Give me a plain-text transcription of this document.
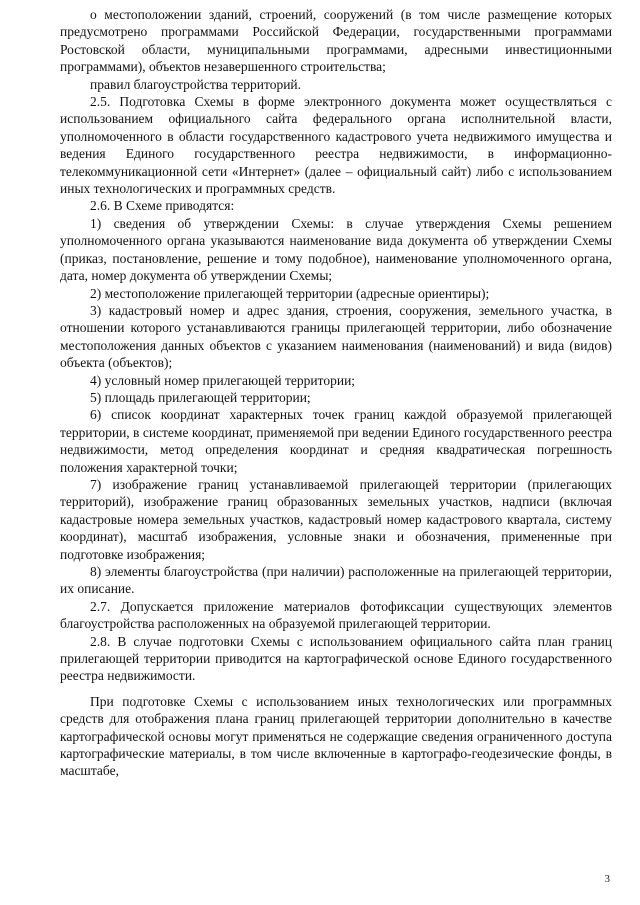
о местоположении зданий, строений, сооружений (в том числе размещение которых предусмотрено программами Российской Федерации, государственными программами Ростовской области, муниципальными программами, адресными инвестиционными программами), объектов незавершенного строительства;

правил благоустройства территорий.

2.5. Подготовка Схемы в форме электронного документа может осуществляться с использованием официального сайта федерального органа исполнительной власти, уполномоченного в области государственного кадастрового учета недвижимого имущества и ведения Единого государственного реестра недвижимости, в информационно-телекоммуникационной сети «Интернет» (далее – официальный сайт) либо с использованием иных технологических и программных средств.

2.6. В Схеме приводятся:

1) сведения об утверждении Схемы: в случае утверждения Схемы решением уполномоченного органа указываются наименование вида документа об утверждении Схемы (приказ, постановление, решение и тому подобное), наименование уполномоченного органа, дата, номер документа об утверждении Схемы;

2) местоположение прилегающей территории (адресные ориентиры);

3) кадастровый номер и адрес здания, строения, сооружения, земельного участка, в отношении которого устанавливаются границы прилегающей территории, либо обозначение местоположения данных объектов с указанием наименования (наименований) и вида (видов) объекта (объектов);

4) условный номер прилегающей территории;

5) площадь прилегающей территории;

6) список координат характерных точек границ каждой образуемой прилегающей территории, в системе координат, применяемой при ведении Единого государственного реестра недвижимости, метод определения координат и средняя квадратическая погрешность положения характерной точки;

7) изображение границ устанавливаемой прилегающей территории (прилегающих территорий), изображение границ образованных земельных участков, надписи (включая кадастровые номера земельных участков, кадастровый номер кадастрового квартала, систему координат), масштаб изображения, условные знаки и обозначения, примененные при подготовке изображения;

8) элементы благоустройства (при наличии) расположенные на прилегающей территории, их описание.

2.7. Допускается приложение материалов фотофиксации существующих элементов благоустройства расположенных на образуемой прилегающей территории.

2.8. В случае подготовки Схемы с использованием официального сайта план границ прилегающей территории приводится на картографической основе Единого государственного реестра недвижимости.

При подготовке Схемы с использованием иных технологических или программных средств для отображения плана границ прилегающей территории дополнительно в качестве картографической основы могут применяться не содержащие сведения ограниченного доступа картографические материалы, в том числе включенные в картографо-геодезические фонды, в масштабе,

3
